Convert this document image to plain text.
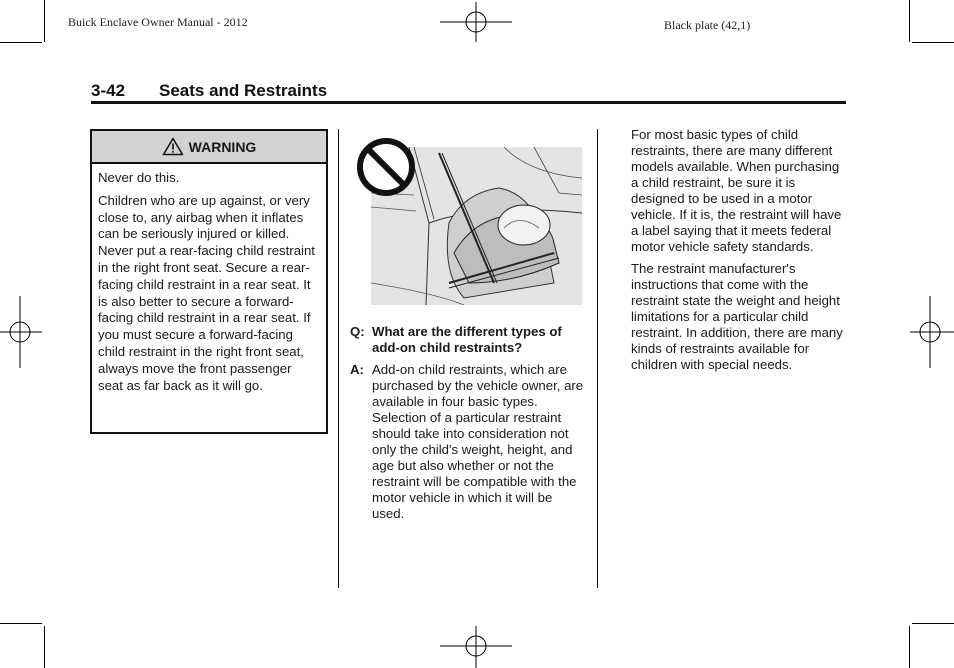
Buick Enclave Owner Manual - 2012	Black plate (42,1)
3-42 Seats and Restraints
WARNING

Never do this.

Children who are up against, or very close to, any airbag when it inflates can be seriously injured or killed. Never put a rear-facing child restraint in the right front seat. Secure a rear-facing child restraint in a rear seat. It is also better to secure a forward-facing child restraint in a rear seat. If you must secure a forward-facing child restraint in the right front seat, always move the front passenger seat as far back as it will go.

Q: What are the different types of add-on child restraints?
A: Add-on child restraints, which are purchased by the vehicle owner, are available in four basic types. Selection of a particular restraint should take into consideration not only the child's weight, height, and age but also whether or not the restraint will be compatible with the motor vehicle in which it will be used.

For most basic types of child restraints, there are many different models available. When purchasing a child restraint, be sure it is designed to be used in a motor vehicle. If it is, the restraint will have a label saying that it meets federal motor vehicle safety standards.

The restraint manufacturer's instructions that come with the restraint state the weight and height limitations for a particular child restraint. In addition, there are many kinds of restraints available for children with special needs.
